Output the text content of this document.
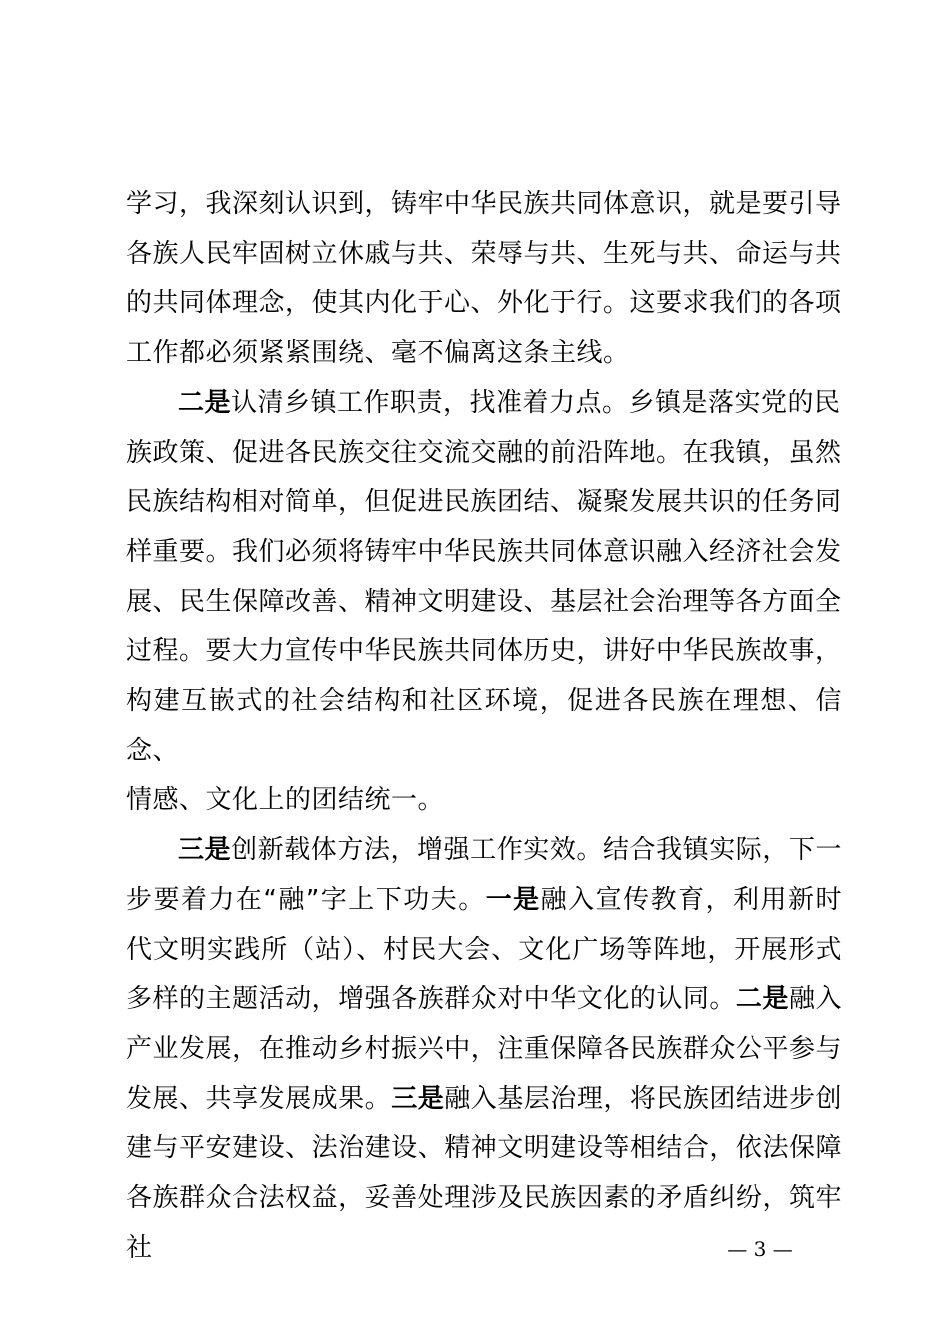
学习，我深刻认识到，铸牢中华民族共同体意识，就是要引导
各族人民牢固树立休戚与共、荣辱与共、生死与共、命运与共
的共同体理念，使其内化于心、外化于行。这要求我们的各项
工作都必须紧紧围绕、毫不偏离这条主线。

二是认清乡镇工作职责，找准着力点。乡镇是落实党的民
族政策、促进各民族交往交流交融的前沿阵地。在我镇，虽然
民族结构相对简单，但促进民族团结、凝聚发展共识的任务同
样重要。我们必须将铸牢中华民族共同体意识融入经济社会发
展、民生保障改善、精神文明建设、基层社会治理等各方面全
过程。要大力宣传中华民族共同体历史，讲好中华民族故事，
构建互嵌式的社会结构和社区环境，促进各民族在理想、信念、
情感、文化上的团结统一。

三是创新载体方法，增强工作实效。结合我镇实际，下一步要着力在“融”字上下功夫。一是融入宣传教育，利用新时代文明实践所（站）、村民大会、文化广场等阵地，开展形式多样的主题活动，增强各族群众对中华文化的认同。二是融入产业发展，在推动乡村振兴中，注重保障各民族群众公平参与发展、共享发展成果。三是融入基层治理，将民族团结进步创建与平安建设、法治建设、精神文明建设等相结合，依法保障各族群众合法权益，妥善处理涉及民族因素的矛盾纠纷，筑牢社	— 3 —
